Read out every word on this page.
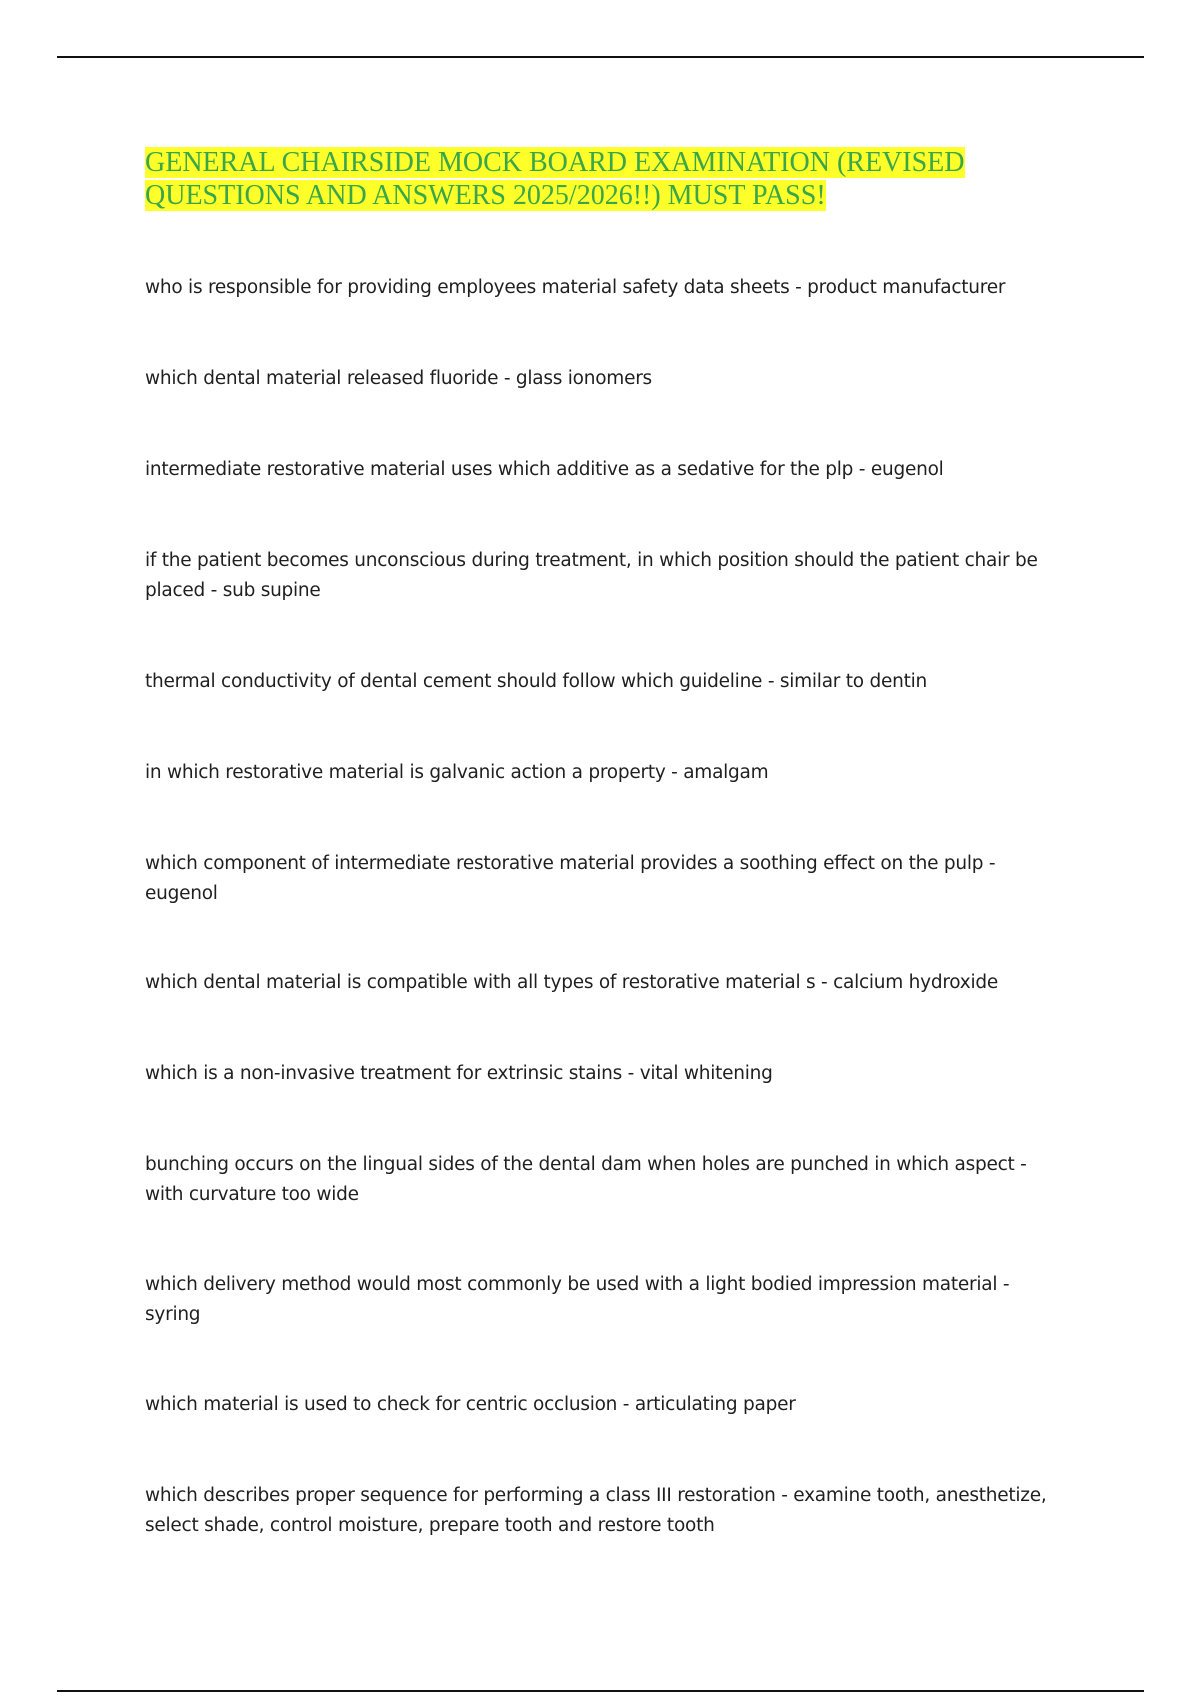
GENERAL CHAIRSIDE MOCK BOARD EXAMINATION (REVISED QUESTIONS AND ANSWERS 2025/2026!!) MUST PASS!

who is responsible for providing employees material safety data sheets - product manufacturer

which dental material released fluoride - glass ionomers

intermediate restorative material uses which additive as a sedative for the plp - eugenol

if the patient becomes unconscious during treatment, in which position should the patient chair be placed - sub supine

thermal conductivity of dental cement should follow which guideline - similar to dentin

in which restorative material is galvanic action a property - amalgam

which component of intermediate restorative material provides a soothing effect on the pulp - eugenol

which dental material is compatible with all types of restorative material s - calcium hydroxide

which is a non-invasive treatment for extrinsic stains - vital whitening

bunching occurs on the lingual sides of the dental dam when holes are punched in which aspect - with curvature too wide

which delivery method would most commonly be used with a light bodied impression material - syring

which material is used to check for centric occlusion - articulating paper

which describes proper sequence for performing a class III restoration - examine tooth, anesthetize, select shade, control moisture, prepare tooth and restore tooth
